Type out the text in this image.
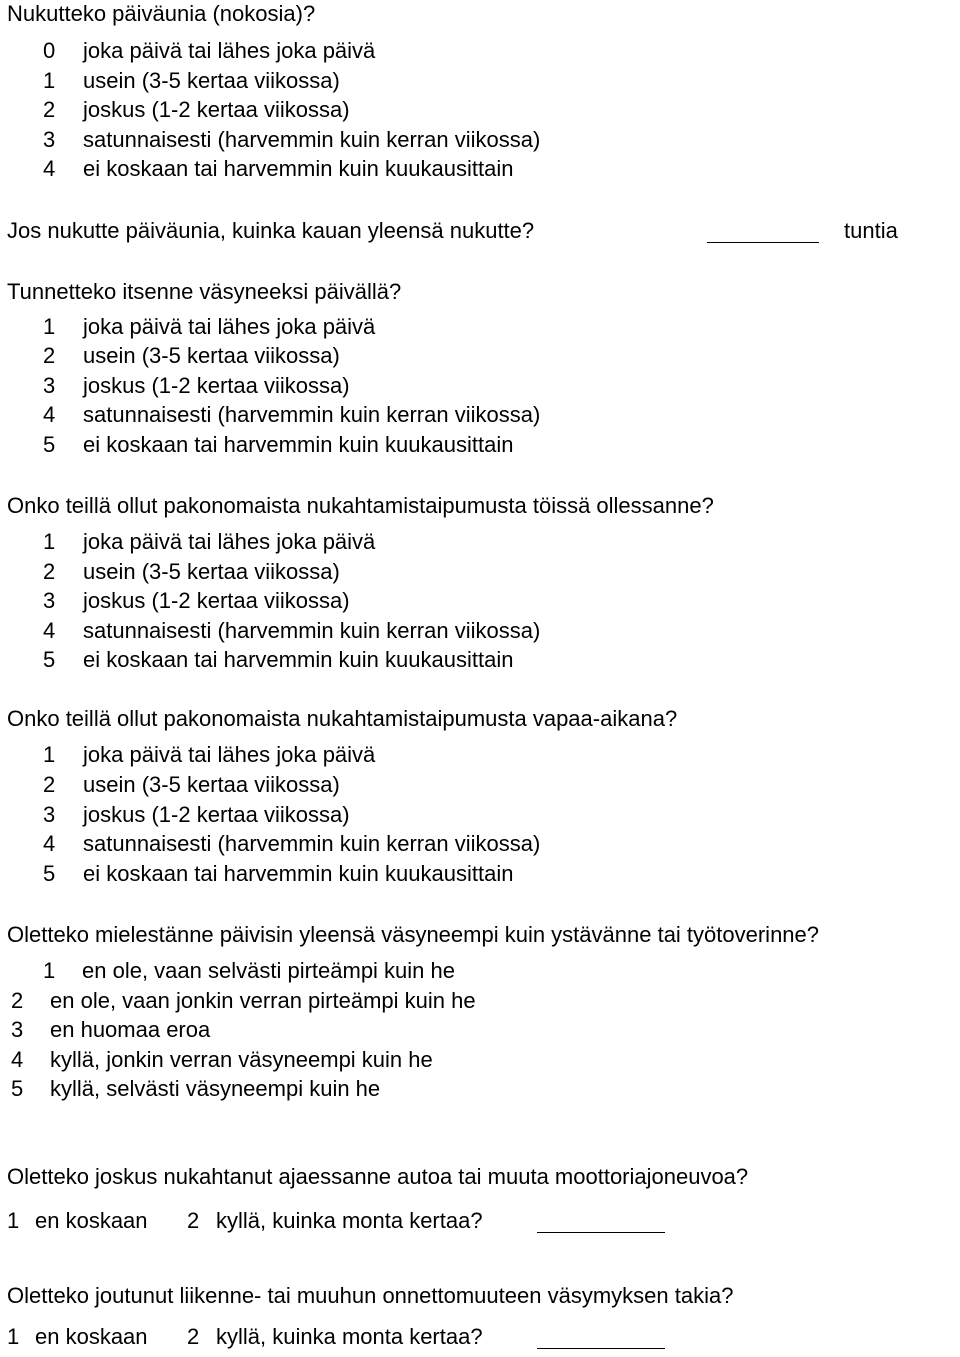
Nukutteko päiväunia (nokosia)?
0 joka päivä tai lähes joka päivä
1 usein (3-5 kertaa viikossa)
2 joskus (1-2 kertaa viikossa)
3 satunnaisesti (harvemmin kuin kerran viikossa)
4 ei koskaan tai harvemmin kuin kuukausittain
Jos nukutte päiväunia, kuinka kauan yleensä nukutte?	tuntia
Tunnetteko itsenne väsyneeksi päivällä?
1 joka päivä tai lähes joka päivä
2 usein (3-5 kertaa viikossa)
3 joskus (1-2 kertaa viikossa)
4 satunnaisesti (harvemmin kuin kerran viikossa)
5 ei koskaan tai harvemmin kuin kuukausittain
Onko teillä ollut pakonomaista nukahtamistaipumusta töissä ollessanne?
1 joka päivä tai lähes joka päivä
2 usein (3-5 kertaa viikossa)
3 joskus (1-2 kertaa viikossa)
4 satunnaisesti (harvemmin kuin kerran viikossa)
5 ei koskaan tai harvemmin kuin kuukausittain
Onko teillä ollut pakonomaista nukahtamistaipumusta vapaa-aikana?
1 joka päivä tai lähes joka päivä
2 usein (3-5 kertaa viikossa)
3 joskus (1-2 kertaa viikossa)
4 satunnaisesti (harvemmin kuin kerran viikossa)
5 ei koskaan tai harvemmin kuin kuukausittain
Oletteko mielestänne päivisin yleensä väsyneempi kuin ystävänne tai työtoverinne?
1 en ole, vaan selvästi pirteämpi kuin he
2 en ole, vaan jonkin verran pirteämpi kuin he
3 en huomaa eroa
4 kyllä, jonkin verran väsyneempi kuin he
5 kyllä, selvästi väsyneempi kuin he
Oletteko joskus nukahtanut ajaessanne autoa tai muuta moottoriajoneuvoa?
1 en koskaan 2 kyllä, kuinka monta kertaa?
Oletteko joutunut liikenne- tai muuhun onnettomuuteen väsymyksen takia?
1 en koskaan 2 kyllä, kuinka monta kertaa?
